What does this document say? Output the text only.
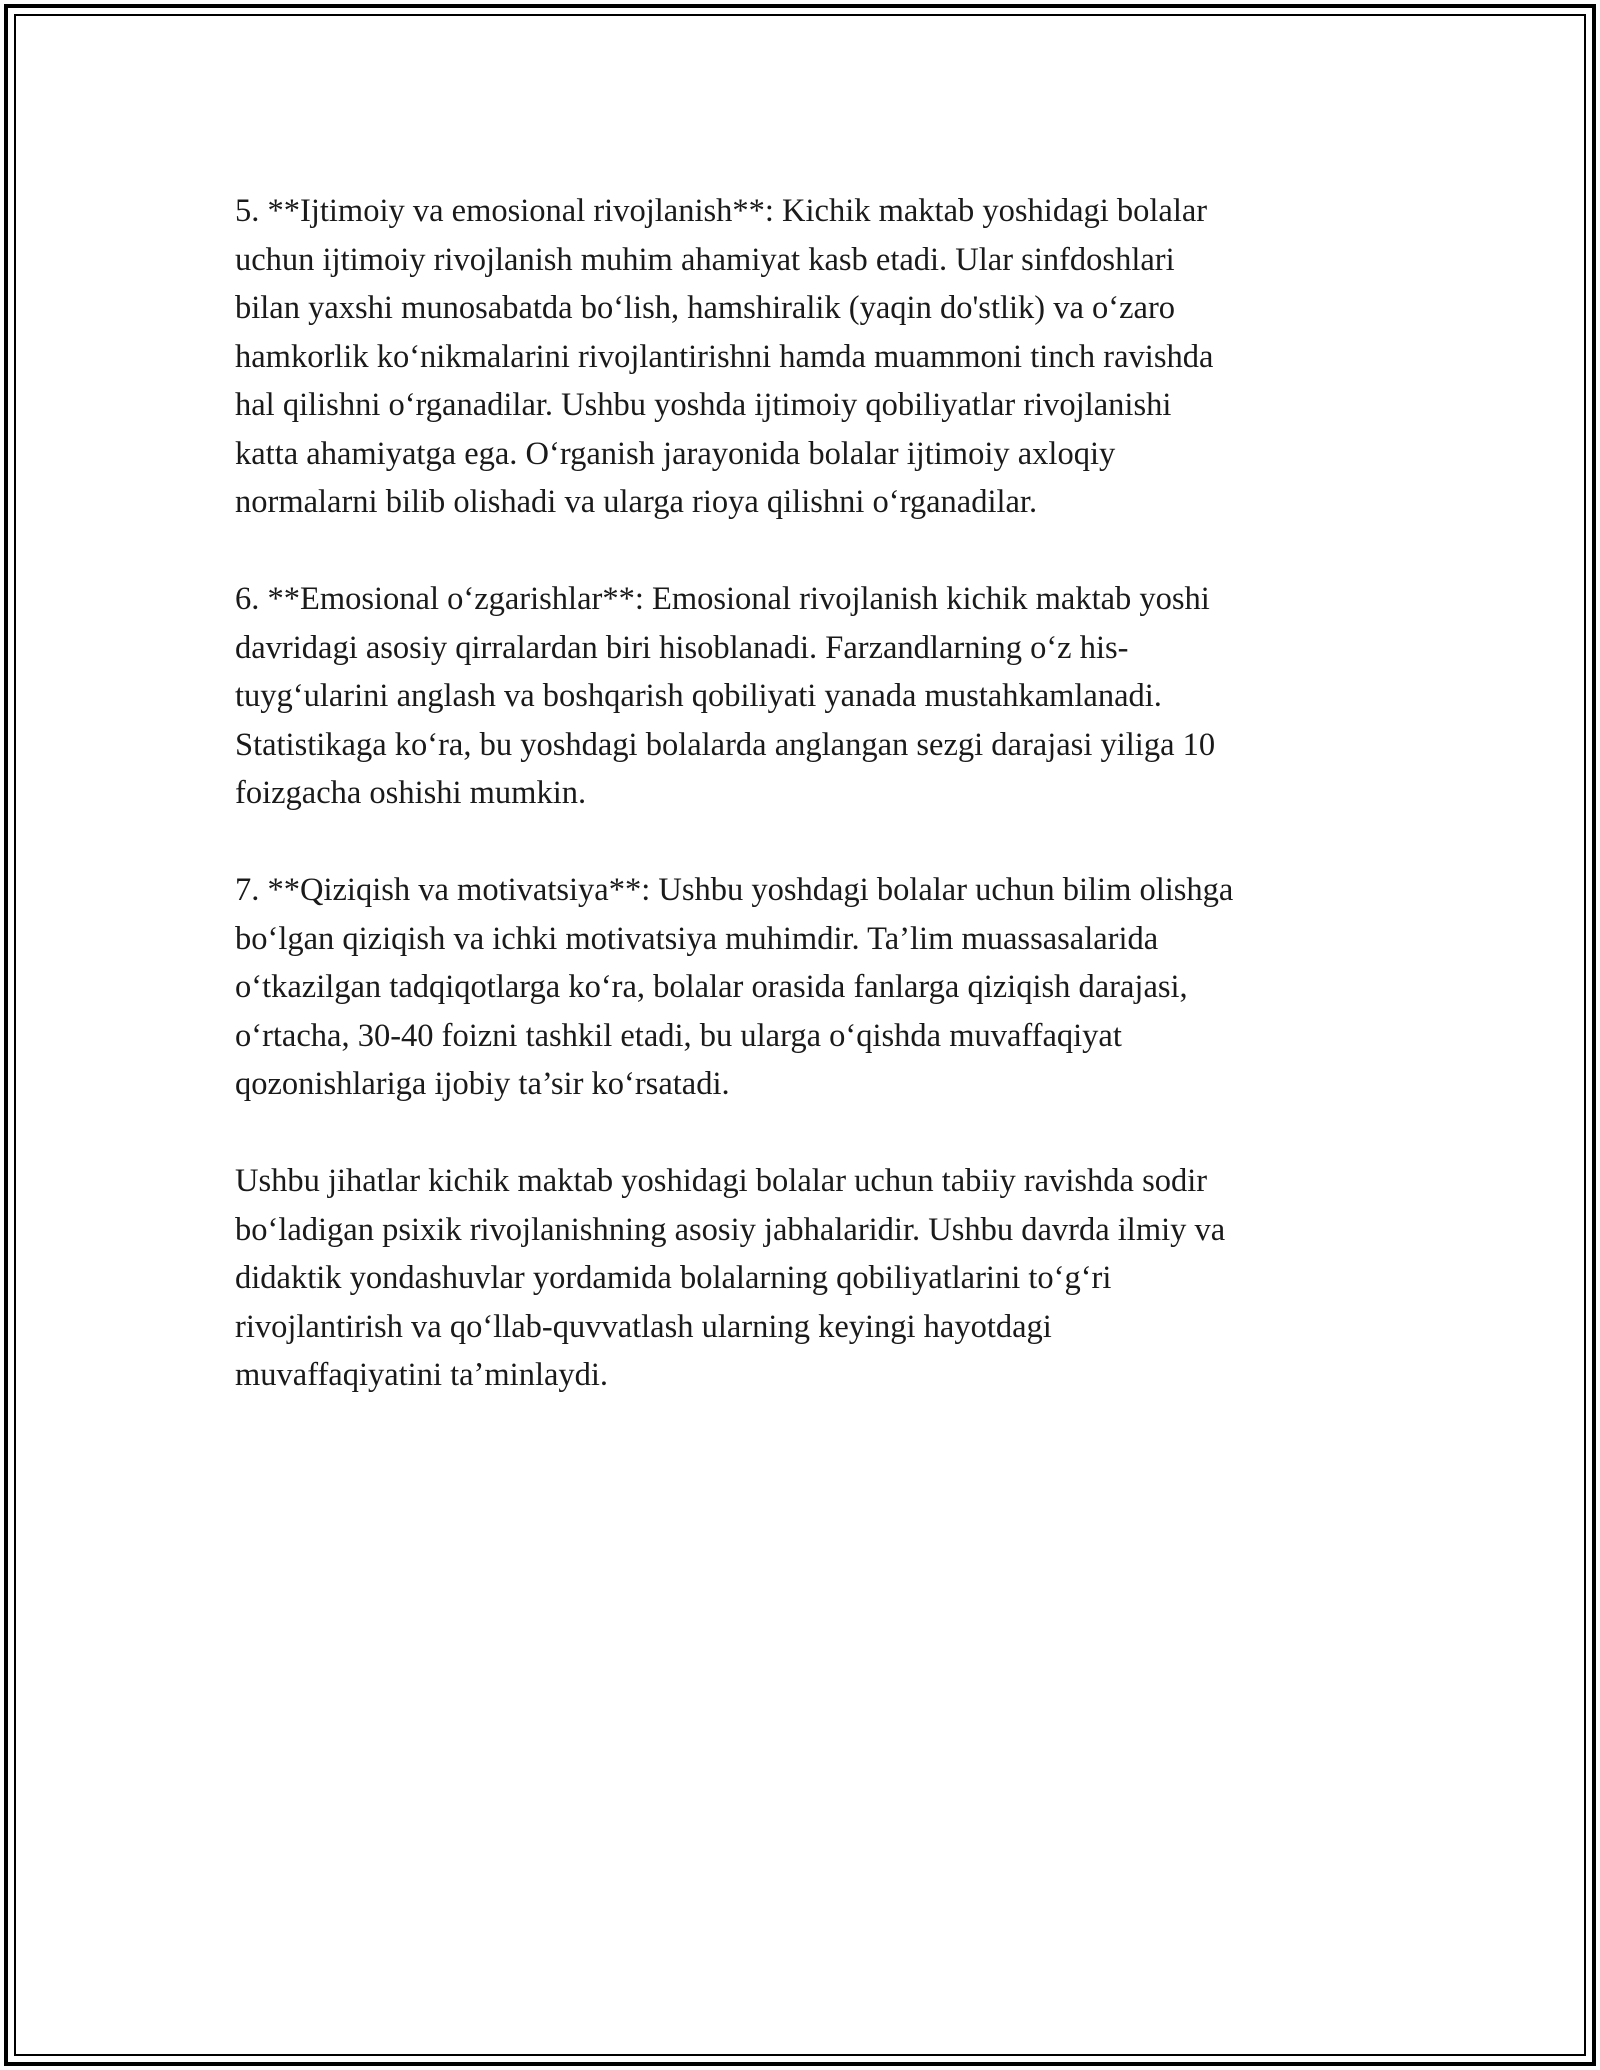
5. **Ijtimoiy va emosional rivojlanish**: Kichik maktab yoshidagi bolalar
uchun ijtimoiy rivojlanish muhim ahamiyat kasb etadi. Ular sinfdoshlari
bilan yaxshi munosabatda boʻlish, hamshiralik (yaqin do'stlik) va oʻzaro
hamkorlik koʻnikmalarini rivojlantirishni hamda muammoni tinch ravishda
hal qilishni oʻrganadilar. Ushbu yoshda ijtimoiy qobiliyatlar rivojlanishi
katta ahamiyatga ega. Oʻrganish jarayonida bolalar ijtimoiy axloqiy
normalarni bilib olishadi va ularga rioya qilishni oʻrganadilar.

6. **Emosional oʻzgarishlar**: Emosional rivojlanish kichik maktab yoshi
davridagi asosiy qirralardan biri hisoblanadi. Farzandlarning oʻz his-
tuygʻularini anglash va boshqarish qobiliyati yanada mustahkamlanadi.
Statistikaga koʻra, bu yoshdagi bolalarda anglangan sezgi darajasi yiliga 10
foizgacha oshishi mumkin.

7. **Qiziqish va motivatsiya**: Ushbu yoshdagi bolalar uchun bilim olishga
boʻlgan qiziqish va ichki motivatsiya muhimdir. Ta’lim muassasalarida
oʻtkazilgan tadqiqotlarga koʻra, bolalar orasida fanlarga qiziqish darajasi,
oʻrtacha, 30-40 foizni tashkil etadi, bu ularga oʻqishda muvaffaqiyat
qozonishlariga ijobiy ta’sir koʻrsatadi.

Ushbu jihatlar kichik maktab yoshidagi bolalar uchun tabiiy ravishda sodir
boʻladigan psixik rivojlanishning asosiy jabhalaridir. Ushbu davrda ilmiy va
didaktik yondashuvlar yordamida bolalarning qobiliyatlarini toʻgʻri
rivojlantirish va qoʻllab-quvvatlash ularning keyingi hayotdagi
muvaffaqiyatini taʼminlaydi.
